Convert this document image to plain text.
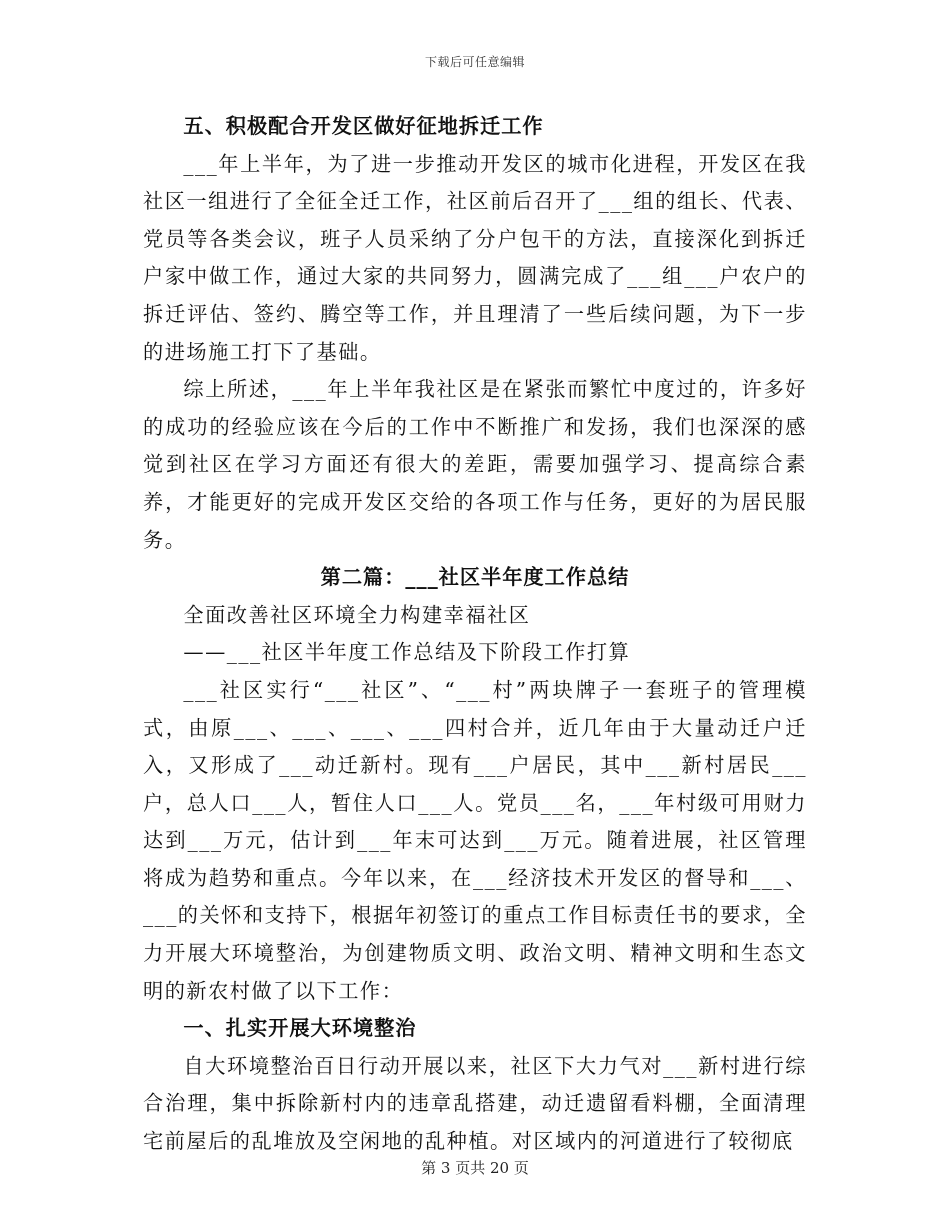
下载后可任意编辑

五、积极配合开发区做好征地拆迁工作

___年上半年，为了进一步推动开发区的城市化进程，开发区在我社区一组进行了全征全迁工作，社区前后召开了___组的组长、代表、党员等各类会议，班子人员采纳了分户包干的方法，直接深化到拆迁户家中做工作，通过大家的共同努力，圆满完成了___组___户农户的拆迁评估、签约、腾空等工作，并且理清了一些后续问题，为下一步的进场施工打下了基础。

综上所述，___年上半年我社区是在紧张而繁忙中度过的，许多好的成功的经验应该在今后的工作中不断推广和发扬，我们也深深的感觉到社区在学习方面还有很大的差距，需要加强学习、提高综合素养，才能更好的完成开发区交给的各项工作与任务，更好的为居民服务。

第二篇：___社区半年度工作总结

全面改善社区环境全力构建幸福社区

——___社区半年度工作总结及下阶段工作打算

___社区实行“___社区”、“___村”两块牌子一套班子的管理模式，由原___、___、___、___四村合并，近几年由于大量动迁户迁入，又形成了___动迁新村。现有___户居民，其中___新村居民___户，总人口___人，暂住人口___人。党员___名，___年村级可用财力达到___万元，估计到___年末可达到___万元。随着进展，社区管理将成为趋势和重点。今年以来，在___经济技术开发区的督导和___、___的关怀和支持下，根据年初签订的重点工作目标责任书的要求，全力开展大环境整治，为创建物质文明、政治文明、精神文明和生态文明的新农村做了以下工作：

一、扎实开展大环境整治

自大环境整治百日行动开展以来，社区下大力气对___新村进行综合治理，集中拆除新村内的违章乱搭建，动迁遗留看料棚，全面清理宅前屋后的乱堆放及空闲地的乱种植。对区域内的河道进行了较彻底

第 3 页共 20 页
